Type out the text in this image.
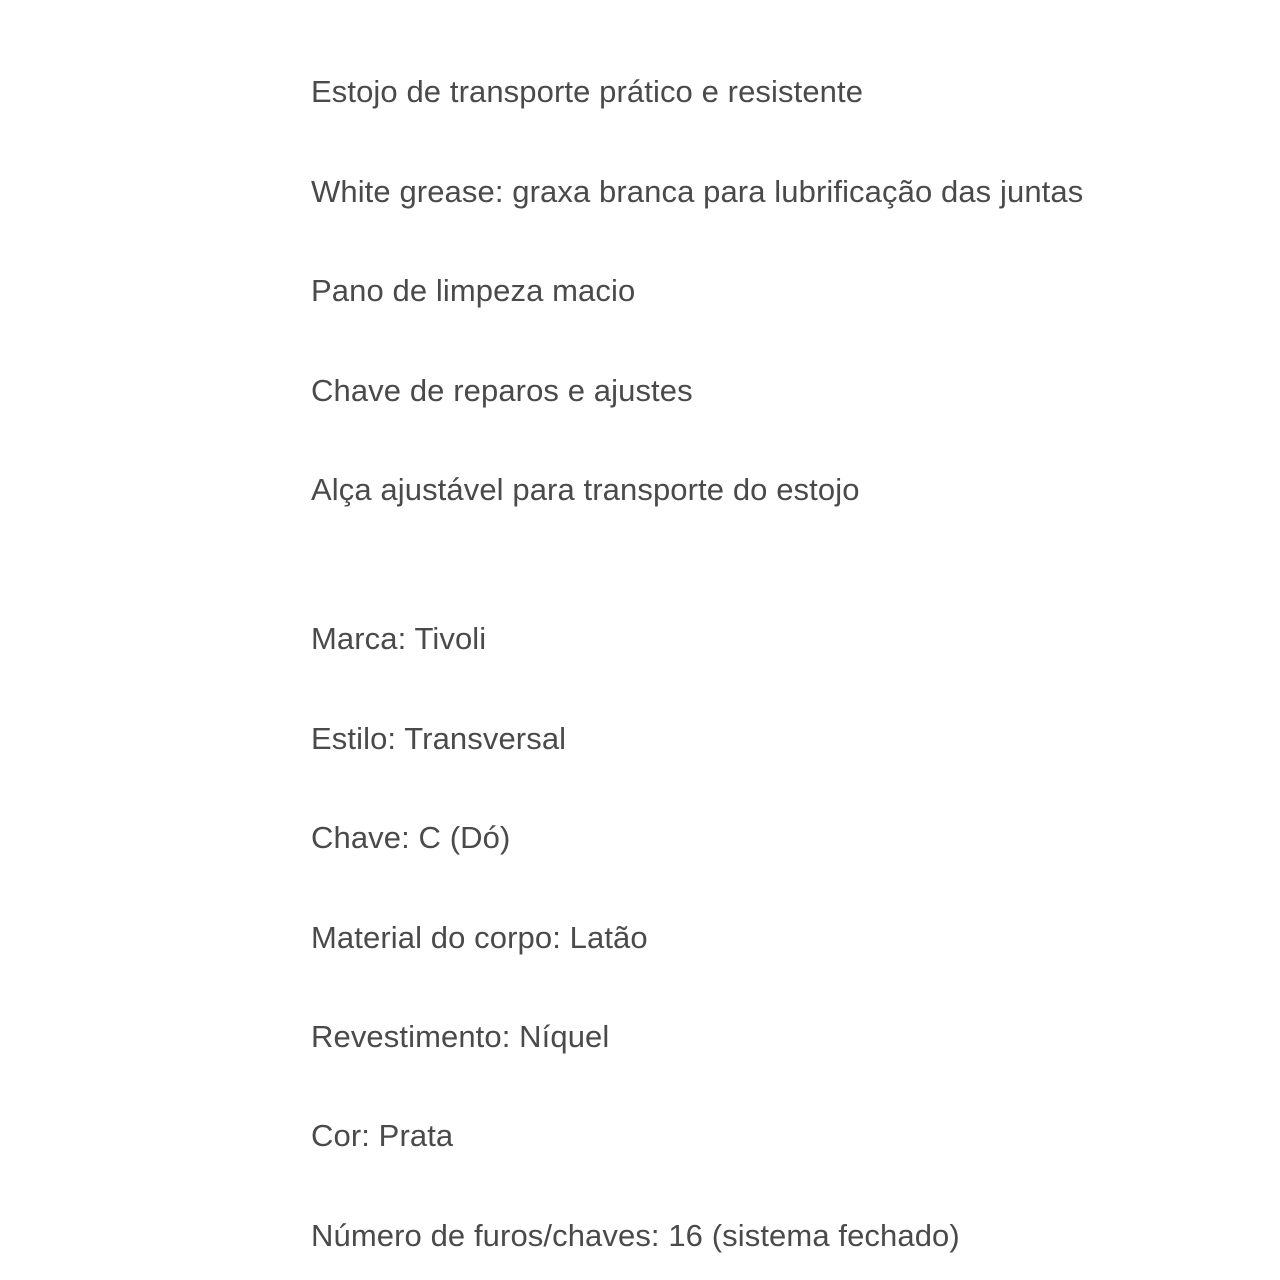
Estojo de transporte prático e resistente
White grease: graxa branca para lubrificação das juntas
Pano de limpeza macio
Chave de reparos e ajustes
Alça ajustável para transporte do estojo
Marca: Tivoli
Estilo: Transversal
Chave: C (Dó)
Material do corpo: Latão
Revestimento: Níquel
Cor: Prata
Número de furos/chaves: 16 (sistema fechado)
